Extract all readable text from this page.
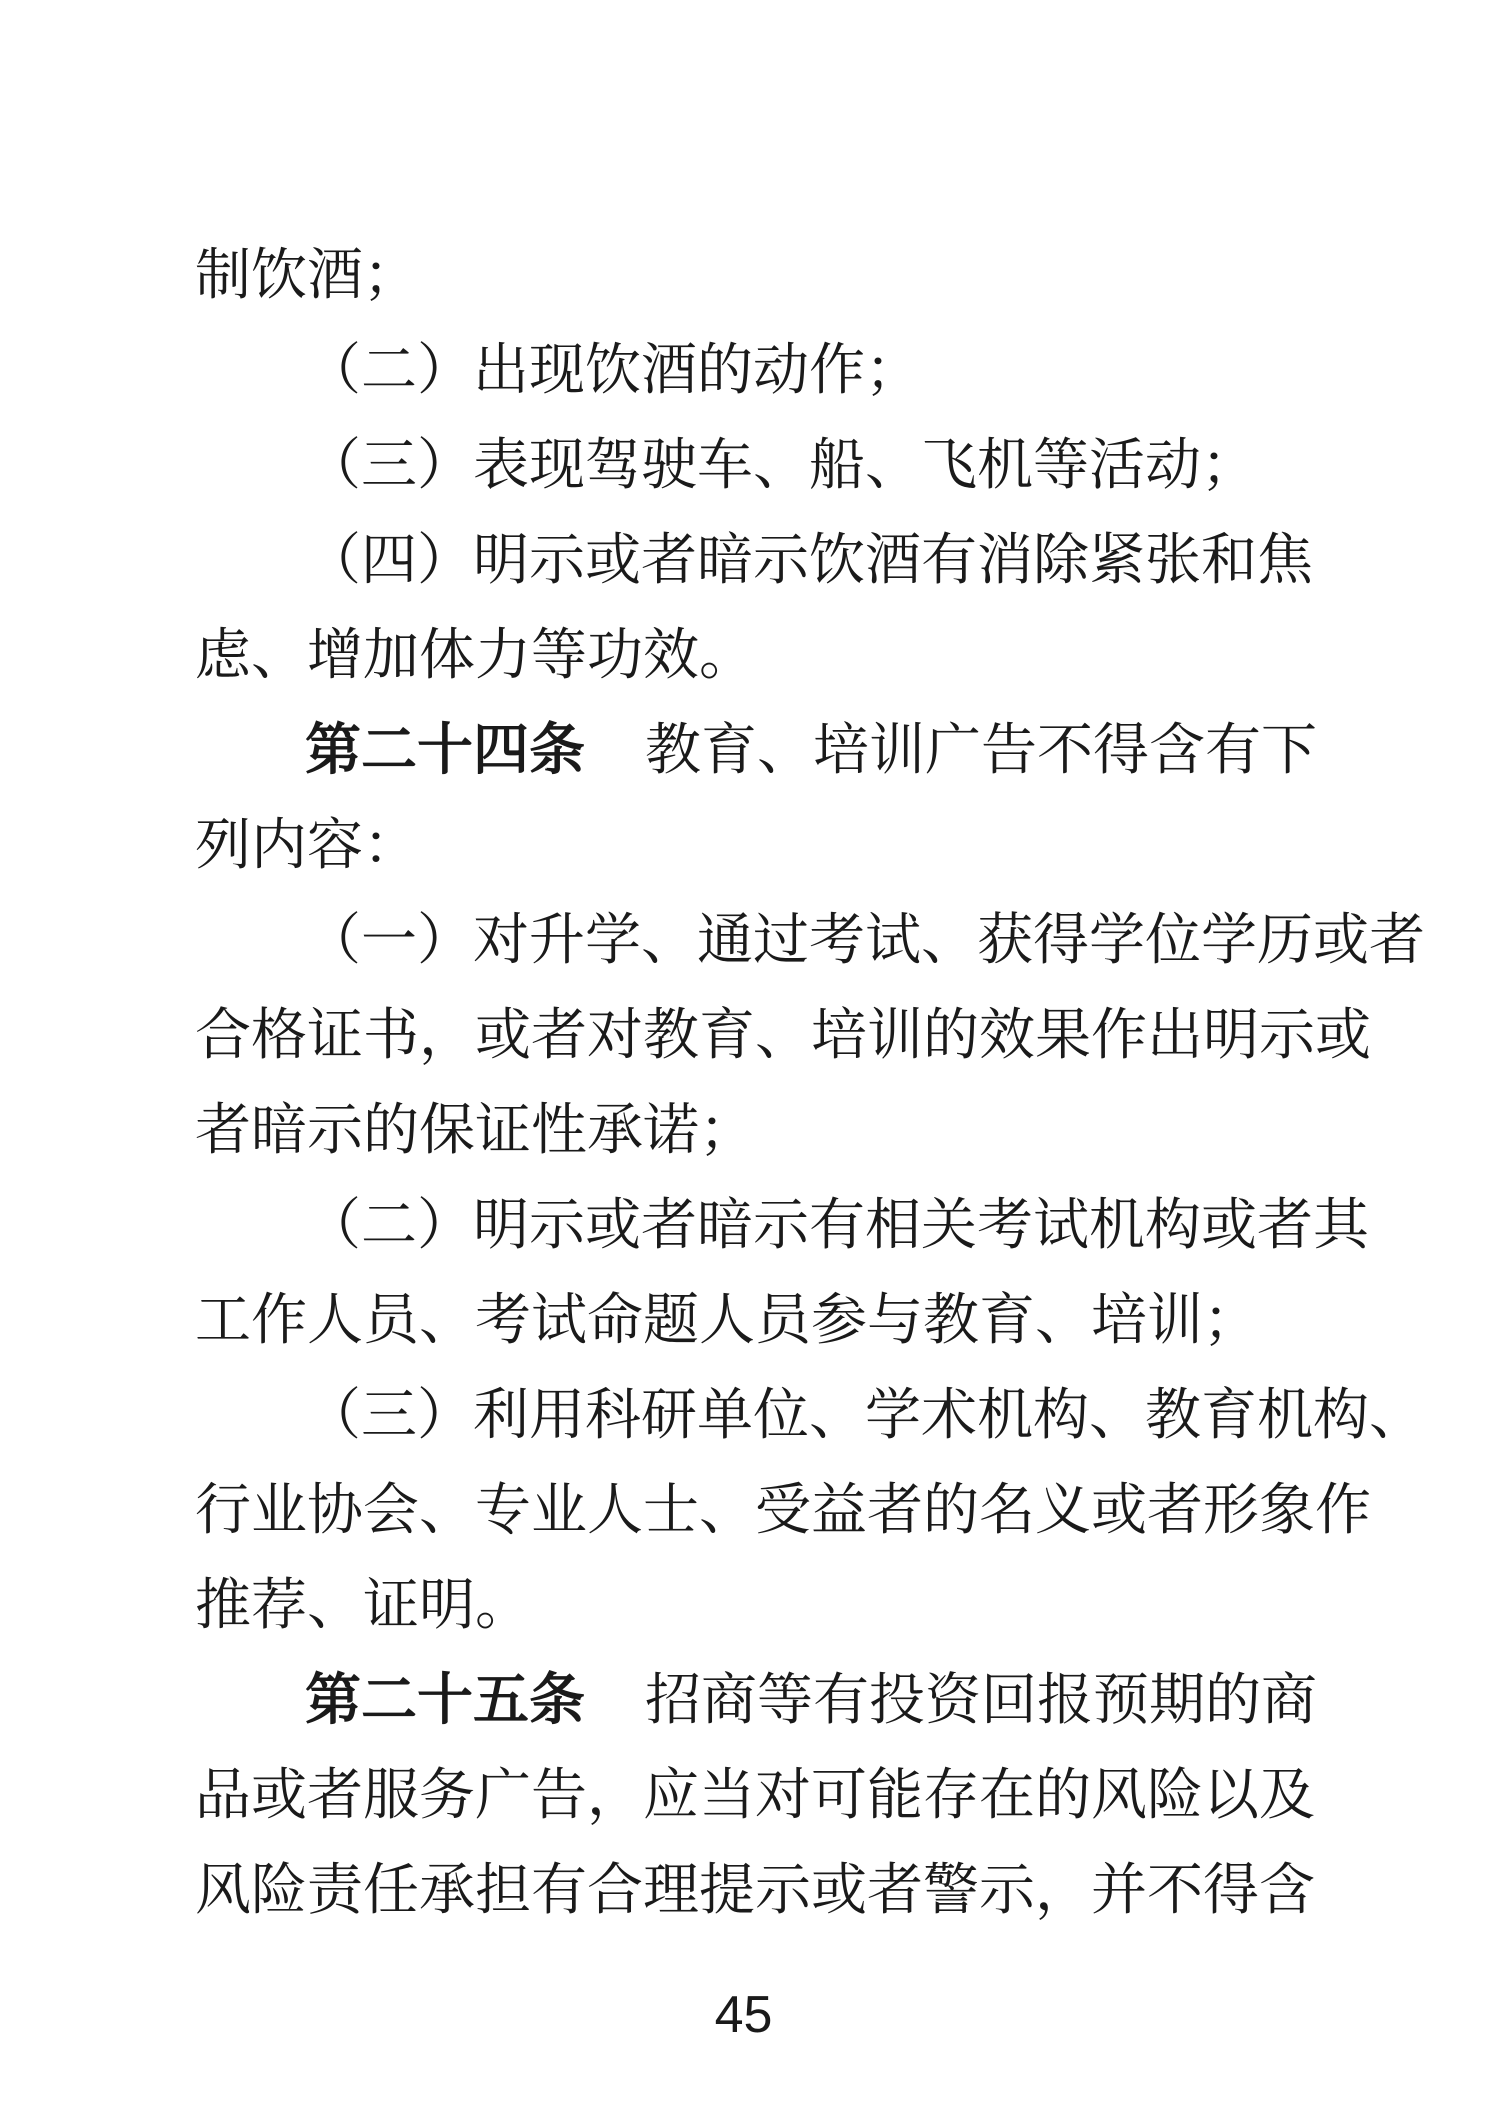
制饮酒；
（二）出现饮酒的动作；
（三）表现驾驶车、船、飞机等活动；
（四）明示或者暗示饮酒有消除紧张和焦
虑、增加体力等功效。
第二十四条 教育、培训广告不得含有下
列内容：
（一）对升学、通过考试、获得学位学历或者
合格证书，或者对教育、培训的效果作出明示或
者暗示的保证性承诺；
（二）明示或者暗示有相关考试机构或者其
工作人员、考试命题人员参与教育、培训；
（三）利用科研单位、学术机构、教育机构、
行业协会、专业人士、受益者的名义或者形象作
推荐、证明。
第二十五条 招商等有投资回报预期的商
品或者服务广告，应当对可能存在的风险以及
风险责任承担有合理提示或者警示，并不得含
45
